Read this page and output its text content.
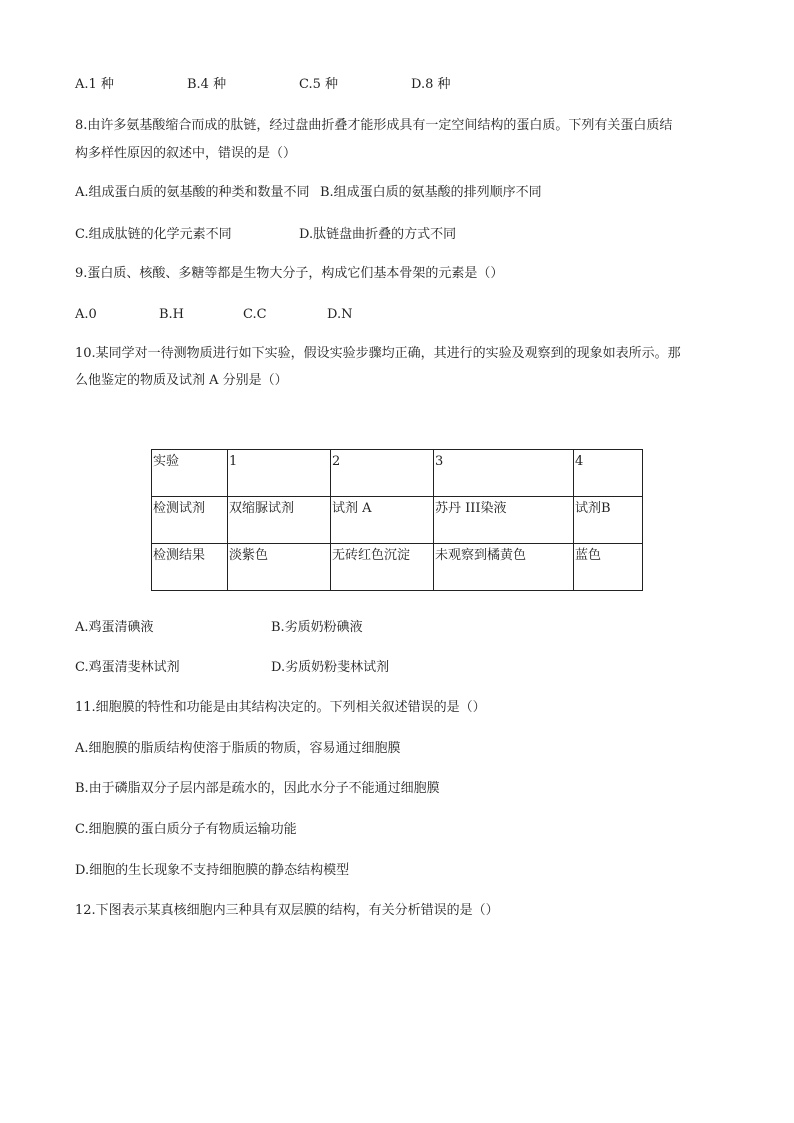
A.1 种	B.4 种	C.5 种	D.8 种
8.由许多氨基酸缩合而成的肽链，经过盘曲折叠才能形成具有一定空间结构的蛋白质。下列有关蛋白质结
构多样性原因的叙述中，错误的是（）
A.组成蛋白质的氨基酸的种类和数量不同 B.组成蛋白质的氨基酸的排列顺序不同
C.组成肽链的化学元素不同	D.肽链盘曲折叠的方式不同
9.蛋白质、核酸、多糖等都是生物大分子，构成它们基本骨架的元素是（）
A.0	B.H	C.C	D.N
10.某同学对一待测物质进行如下实验，假设实验步骤均正确，其进行的实验及观察到的现象如表所示。那
么他鉴定的物质及试剂 A 分别是（）
实验	1	2	3	4
检测试剂	双缩脲试剂	试剂 A	苏丹 III染液	试剂B
检测结果	淡紫色	无砖红色沉淀	未观察到橘黄色	蓝色
A.鸡蛋清碘液	B.劣质奶粉碘液
C.鸡蛋清斐林试剂	D.劣质奶粉斐林试剂
11.细胞膜的特性和功能是由其结构决定的。下列相关叙述错误的是（）
A.细胞膜的脂质结构使溶于脂质的物质，容易通过细胞膜
B.由于磷脂双分子层内部是疏水的，因此水分子不能通过细胞膜
C.细胞膜的蛋白质分子有物质运输功能
D.细胞的生长现象不支持细胞膜的静态结构模型
12.下图表示某真核细胞内三种具有双层膜的结构，有关分析错误的是（）
